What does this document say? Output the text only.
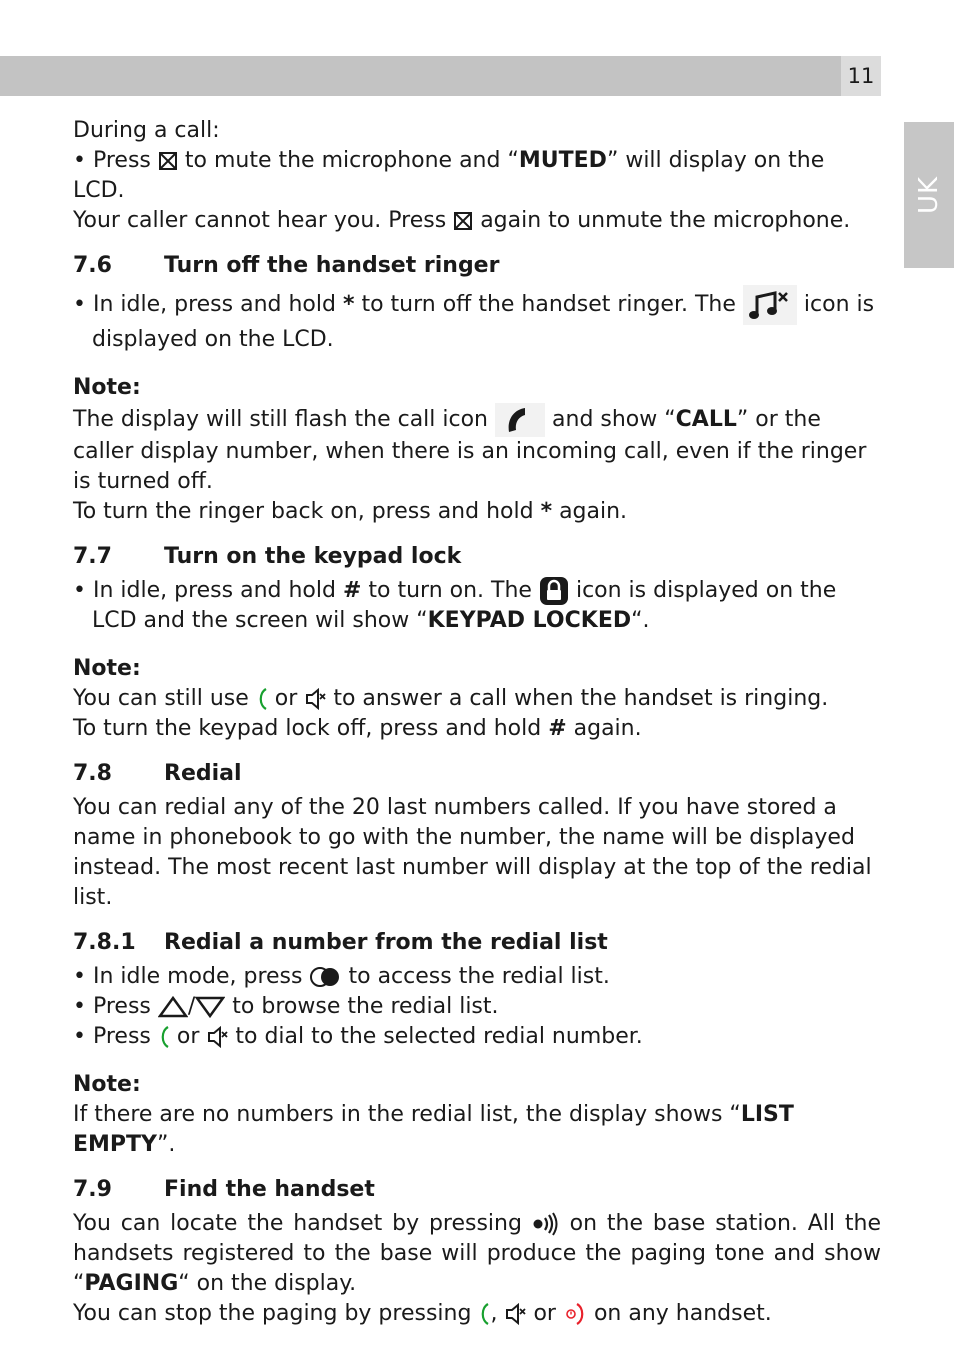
11
UK

During a call:

• Press to mute the microphone and “MUTED” will display on the LCD.

Your caller cannot hear you. Press again to unmute the microphone.

7.6 Turn off the handset ringer

• In idle, press and hold * to turn off the handset ringer. The	icon is displayed on the LCD.

Note:

The display will still flash the call icon	and show “CALL” or the caller display number, when there is an incoming call, even if the ringer is turned off.

To turn the ringer back on, press and hold * again.

7.7 Turn on the keypad lock

• In idle, press and hold # to turn on. The icon is displayed on the LCD and the screen wil show “KEYPAD LOCKED“.

Note:

You can still use or to answer a call when the handset is ringing.

To turn the keypad lock off, press and hold # again.

7.8 Redial

You can redial any of the 20 last numbers called. If you have stored a name in phonebook to go with the number, the name will be displayed instead. The most recent last number will display at the top of the redial list.

7.8.1 Redial a number from the redial list

• In idle mode, press to access the redial list.

• Press / to browse the redial list.

• Press or to dial to the selected redial number.

Note:

If there are no numbers in the redial list, the display shows “LIST EMPTY”.

7.9 Find the handset

You can locate the handset by pressing on the base station. All the handsets registered to the base will produce the paging tone and show “PAGING“ on the display.

You can stop the paging by pressing , or on any handset.
